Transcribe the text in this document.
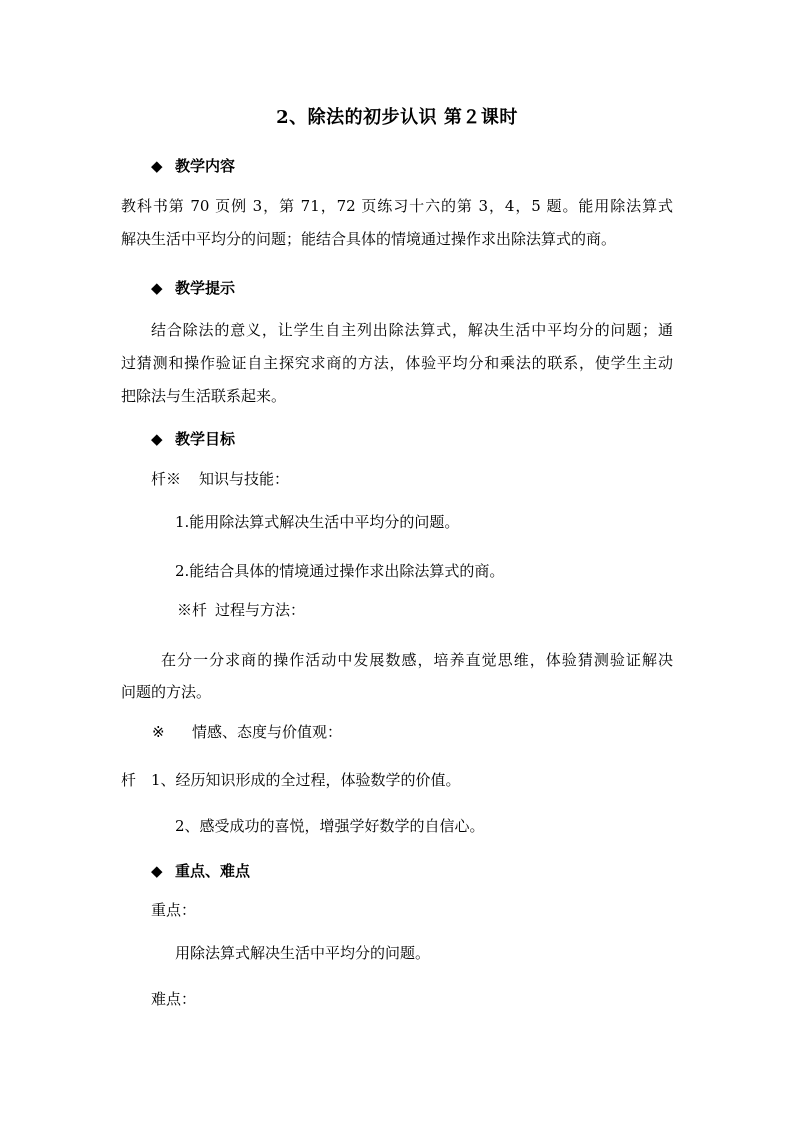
2、除法的初步认识 第２课时
◆ 教学内容
教科书第 70 页例 3，第 71，72 页练习十六的第 3，4，5 题。能用除法算式
解决生活中平均分的问题；能结合具体的情境通过操作求出除法算式的商。
◆ 教学提示
结合除法的意义，让学生自主列出除法算式，解决生活中平均分的问题；通
过猜测和操作验证自主探究求商的方法，体验平均分和乘法的联系，使学生主动
把除法与生活联系起来。
◆ 教学目标
杄※ 知识与技能：
1.能用除法算式解决生活中平均分的问题。
2.能结合具体的情境通过操作求出除法算式的商。
※杄 过程与方法：
在分一分求商的操作活动中发展数感，培养直觉思维，体验猜测验证解决
问题的方法。
※ 情感、态度与价值观：
杄 1、经历知识形成的全过程，体验数学的价值。
2、感受成功的喜悦，增强学好数学的自信心。
◆ 重点、难点
重点：
用除法算式解决生活中平均分的问题。
难点：
